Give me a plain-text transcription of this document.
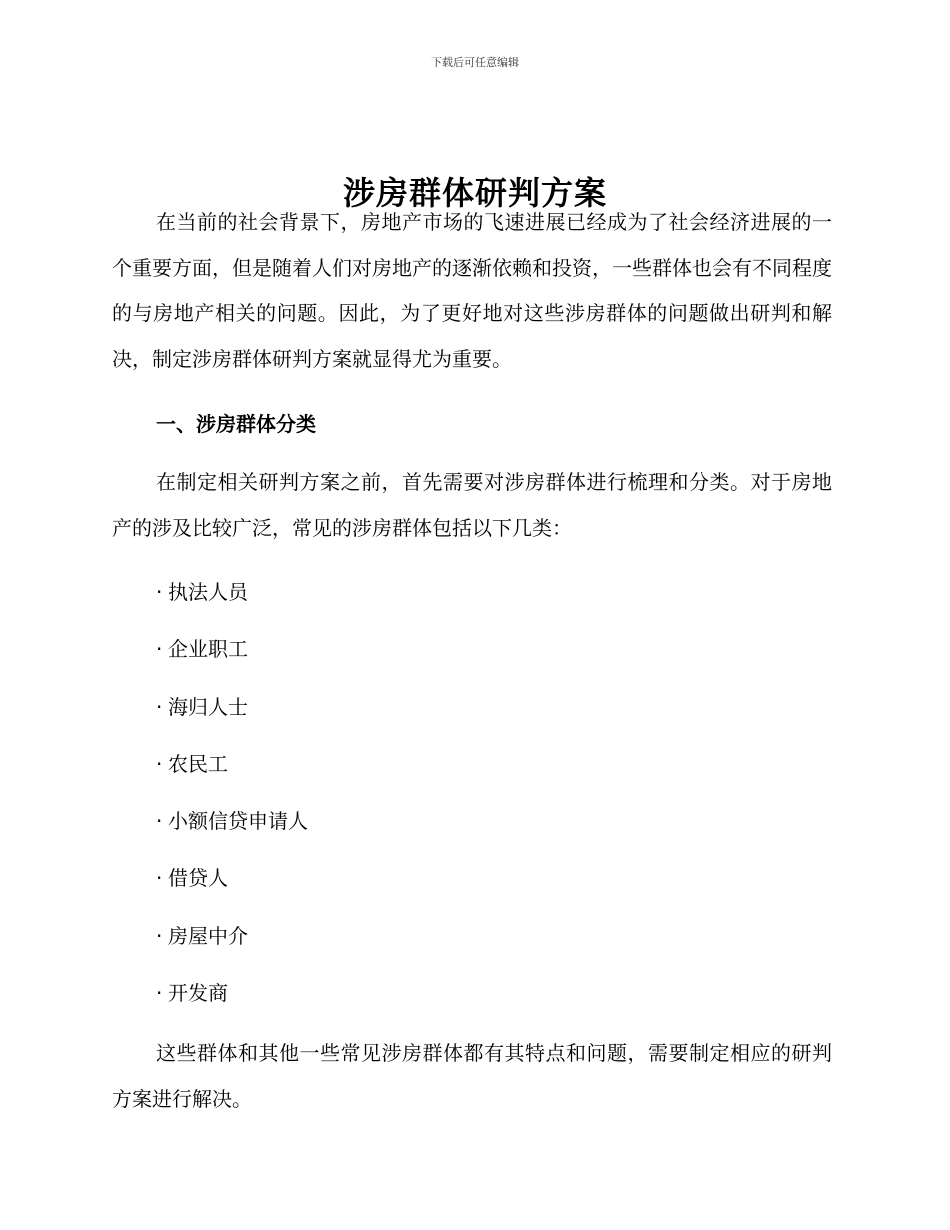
下载后可任意编辑
涉房群体研判方案

在当前的社会背景下，房地产市场的飞速进展已经成为了社会经济进展的一个重要方面，但是随着人们对房地产的逐渐依赖和投资，一些群体也会有不同程度的与房地产相关的问题。因此，为了更好地对这些涉房群体的问题做出研判和解决，制定涉房群体研判方案就显得尤为重要。

一、涉房群体分类

在制定相关研判方案之前，首先需要对涉房群体进行梳理和分类。对于房地产的涉及比较广泛，常见的涉房群体包括以下几类：

· 执法人员
· 企业职工
· 海归人士
· 农民工
· 小额信贷申请人
· 借贷人
· 房屋中介
· 开发商

这些群体和其他一些常见涉房群体都有其特点和问题，需要制定相应的研判方案进行解决。
